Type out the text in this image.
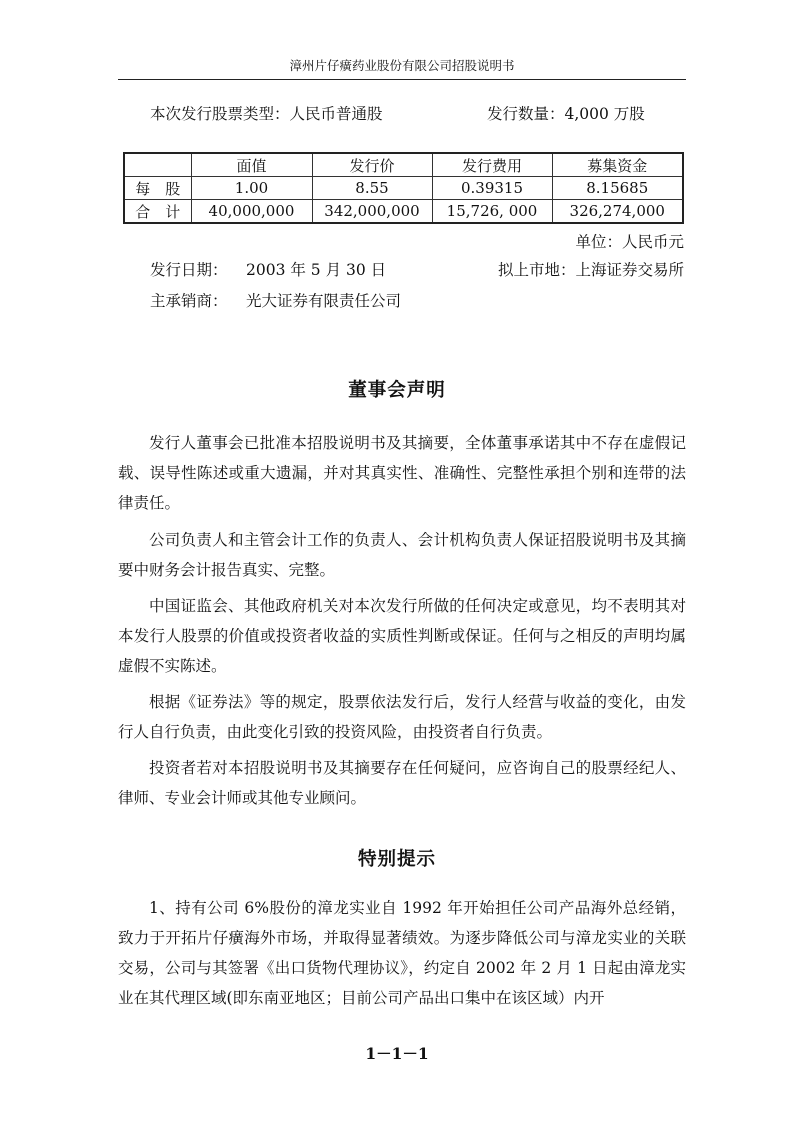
漳州片仔癀药业股份有限公司招股说明书
本次发行股票类型：人民币普通股	发行数量：4,000 万股
	面值	发行价	发行费用	募集资金
每　股	1.00	8.55	0.39315	8.15685
合　计	40,000,000	342,000,000	15,726, 000	326,274,000
单位：人民币元
发行日期： 2003 年 5 月 30 日	拟上市地：上海证券交易所
主承销商： 光大证券有限责任公司
董事会声明

发行人董事会已批准本招股说明书及其摘要，全体董事承诺其中不存在虚假记载、误导性陈述或重大遗漏，并对其真实性、准确性、完整性承担个别和连带的法律责任。

公司负责人和主管会计工作的负责人、会计机构负责人保证招股说明书及其摘要中财务会计报告真实、完整。

中国证监会、其他政府机关对本次发行所做的任何决定或意见，均不表明其对本发行人股票的价值或投资者收益的实质性判断或保证。任何与之相反的声明均属虚假不实陈述。

根据《证券法》等的规定，股票依法发行后，发行人经营与收益的变化，由发行人自行负责，由此变化引致的投资风险，由投资者自行负责。

投资者若对本招股说明书及其摘要存在任何疑问，应咨询自己的股票经纪人、律师、专业会计师或其他专业顾问。

特别提示

1、持有公司 6%股份的漳龙实业自 1992 年开始担任公司产品海外总经销，致力于开拓片仔癀海外市场，并取得显著绩效。为逐步降低公司与漳龙实业的关联交易，公司与其签署《出口货物代理协议》，约定自 2002 年 2 月 1 日起由漳龙实业在其代理区域(即东南亚地区；目前公司产品出口集中在该区域）内开

1－1－1
